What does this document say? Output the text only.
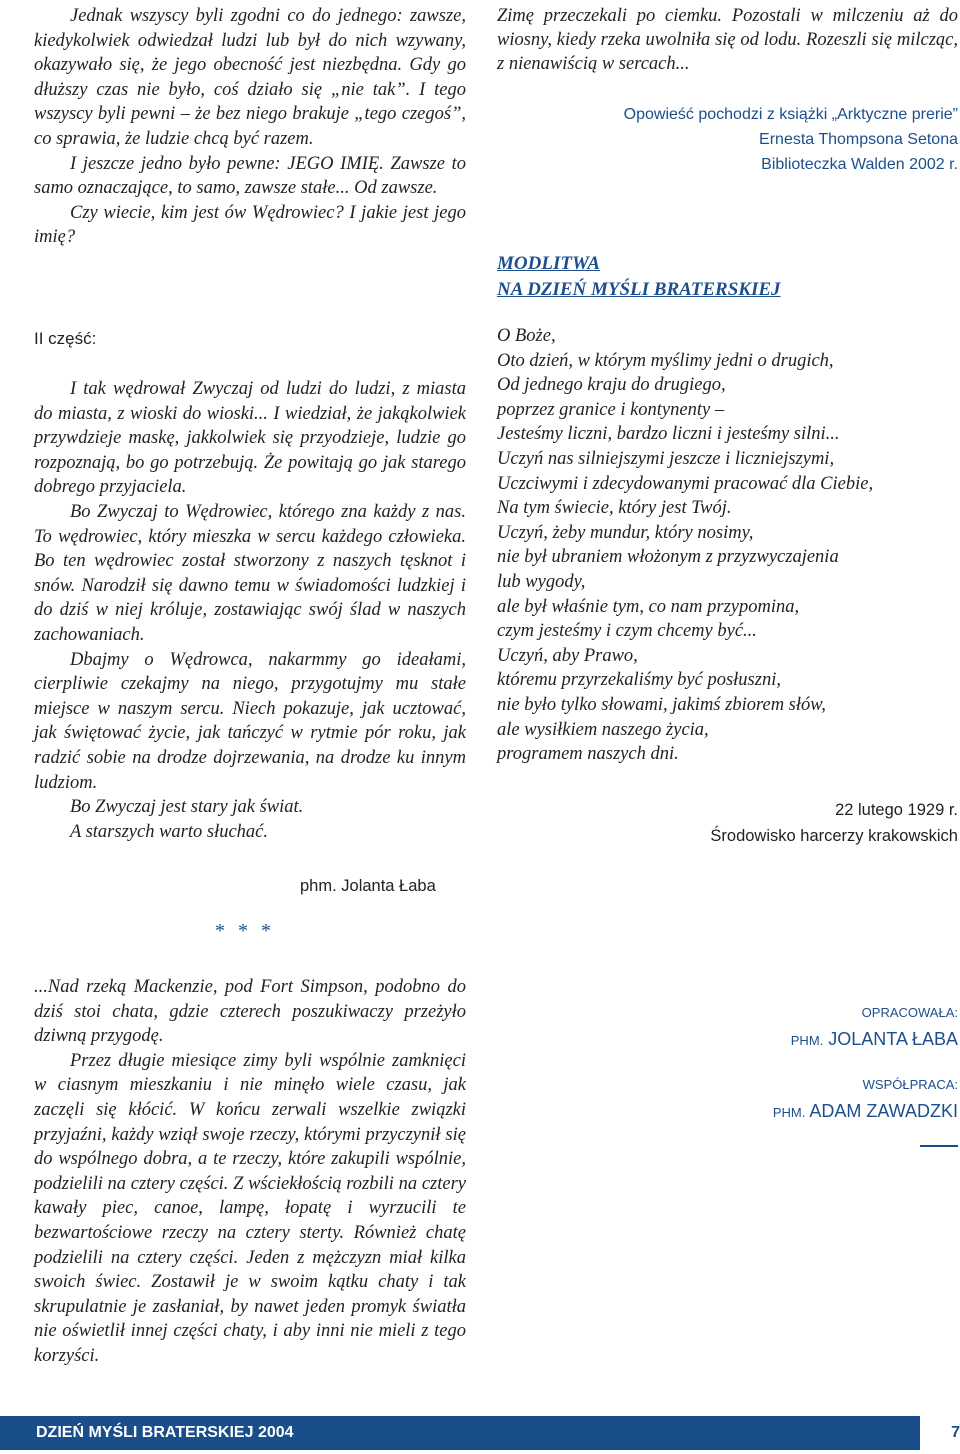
Jednak wszyscy byli zgodni co do jednego: zawsze, kiedykolwiek odwiedzał ludzi lub był do nich wzywany, okazywało się, że jego obecność jest niezbędna. Gdy go dłuższy czas nie było, coś działo się „nie tak”. I tego wszyscy byli pewni – że bez niego brakuje „tego czegoś”, co sprawia, że ludzie chcą być razem.

I jeszcze jedno było pewne: JEGO IMIĘ. Zawsze to samo oznaczające, to samo, zawsze stałe... Od zawsze.

Czy wiecie, kim jest ów Wędrowiec? I jakie jest jego imię?

II część:

I tak wędrował Zwyczaj od ludzi do ludzi, z miasta do miasta, z wioski do wioski... I wiedział, że jakąkolwiek przywdzieje maskę, jakkolwiek się przyodzieje, ludzie go rozpoznają, bo go potrzebują. Że powitają go jak starego dobrego przyjaciela.

Bo Zwyczaj to Wędrowiec, którego zna każdy z nas. To wędrowiec, który mieszka w sercu każdego człowieka. Bo ten wędrowiec został stworzony z naszych tęsknot i snów. Narodził się dawno temu w świadomości ludzkiej i do dziś w niej króluje, zostawiając swój ślad w naszych zachowaniach.

Dbajmy o Wędrowca, nakarmmy go ideałami, cierpliwie czekajmy na niego, przygotujmy mu stałe miejsce w naszym sercu. Niech pokazuje, jak ucztować, jak świętować życie, jak tańczyć w rytmie pór roku, jak radzić sobie na drodze dojrzewania, na drodze ku innym ludziom.

Bo Zwyczaj jest stary jak świat.

A starszych warto słuchać.

phm. Jolanta Łaba
* * *

...Nad rzeką Mackenzie, pod Fort Simpson, podobno do dziś stoi chata, gdzie czterech poszukiwaczy przeżyło dziwną przygodę.

Przez długie miesiące zimy byli wspólnie zamknięci w ciasnym mieszkaniu i nie minęło wiele czasu, jak zaczęli się kłócić. W końcu zerwali wszelkie związki przyjaźni, każdy wziął swoje rzeczy, którymi przyczynił się do wspólnego dobra, a te rzeczy, które zakupili wspólnie, podzielili na cztery części. Z wściekłością rozbili na cztery kawały piec, canoe, lampę, łopatę i wyrzucili te bezwartościowe rzeczy na cztery sterty. Również chatę podzielili na cztery części. Jeden z mężczyzn miał kilka swoich świec. Zostawił je w swoim kątku chaty i tak skrupulatnie je zasłaniał, by nawet jeden promyk światła nie oświetlił innej części chaty, i aby inni nie mieli z tego korzyści.

Zimę przeczekali po ciemku. Pozostali w milczeniu aż do wiosny, kiedy rzeka uwolniła się od lodu. Rozeszli się milcząc, z nienawiścią w sercach...

Opowieść pochodzi z książki „Arktyczne prerie”
Ernesta Thompsona Setona
Biblioteczka Walden 2002 r.
MODLITWA
NA DZIEŃ MYŚLI BRATERSKIEJ

O Boże,

Oto dzień, w którym myślimy jedni o drugich,

Od jednego kraju do drugiego,

poprzez granice i kontynenty –

Jesteśmy liczni, bardzo liczni i jesteśmy silni...

Uczyń nas silniejszymi jeszcze i liczniejszymi,

Uczciwymi i zdecydowanymi pracować dla Ciebie,

Na tym świecie, który jest Twój.

Uczyń, żeby mundur, który nosimy,

nie był ubraniem włożonym z przyzwyczajenia

lub wygody,

ale był właśnie tym, co nam przypomina,

czym jesteśmy i czym chcemy być...

Uczyń, aby Prawo,

któremu przyrzekaliśmy być posłuszni,

nie było tylko słowami, jakimś zbiorem słów,

ale wysiłkiem naszego życia,

programem naszych dni.

22 lutego 1929 r.
Środowisko harcerzy krakowskich
OPRACOWAŁA:
PHM. JOLANTA ŁABA
WSPÓŁPRACA:
PHM. ADAM ZAWADZKI
DZIEŃ MYŚLI BRATERSKIEJ 2004	7
